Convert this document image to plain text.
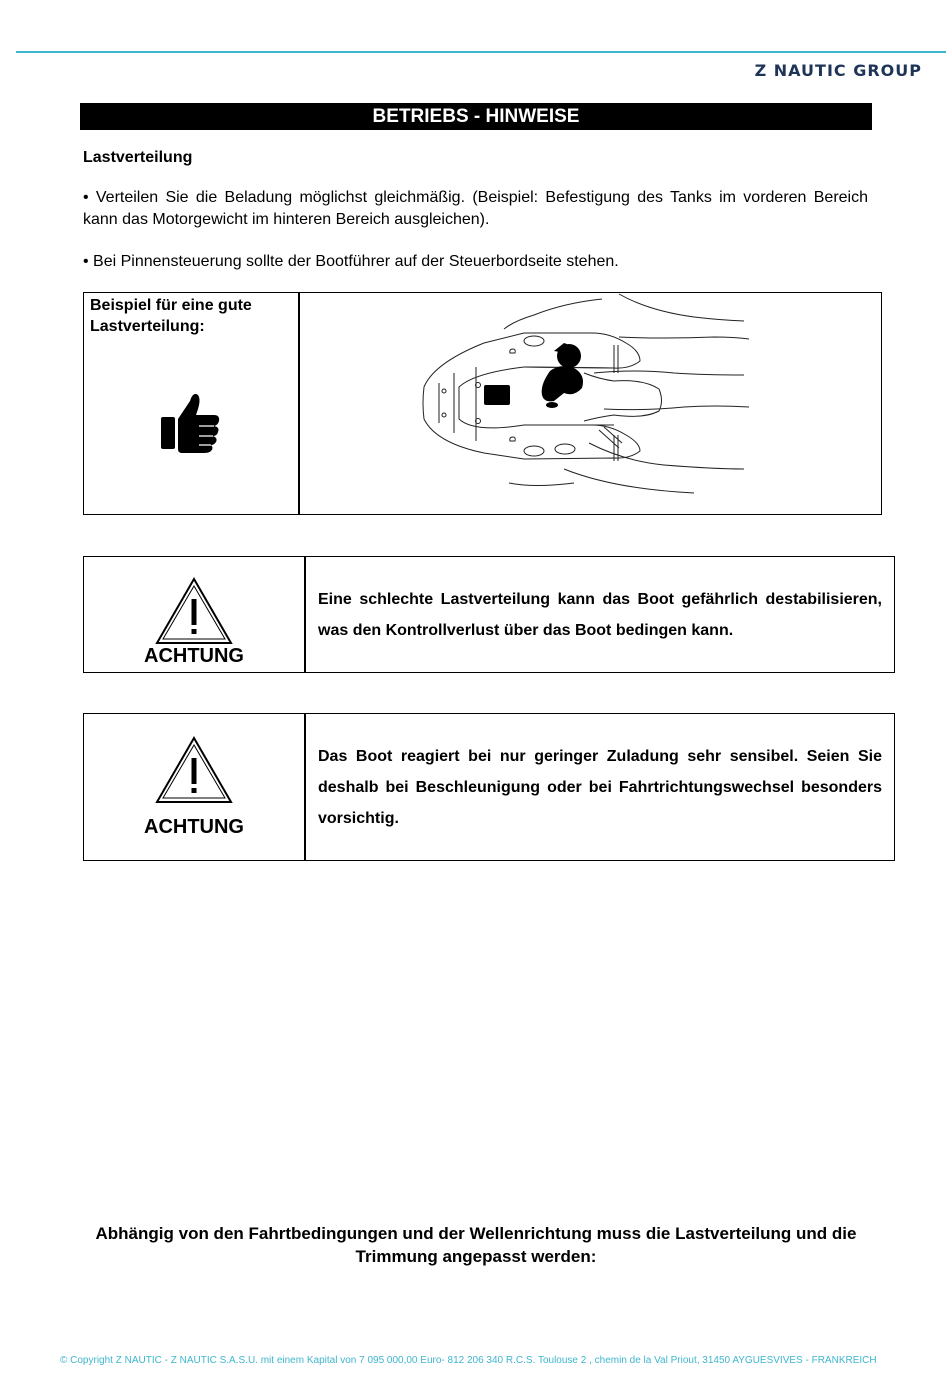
Z NAUTIC GROUP
BETRIEBS - HINWEISE
Lastverteilung
• Verteilen Sie die Beladung möglichst gleichmäßig. (Beispiel: Befestigung des Tanks im vorderen Bereich kann das Motorgewicht im hinteren Bereich ausgleichen).
• Bei Pinnensteuerung sollte der Bootführer auf der Steuerbordseite stehen.
Beispiel für eine gute Lastverteilung:
ACHTUNG
Eine schlechte Lastverteilung kann das Boot gefährlich destabilisieren, was den Kontrollverlust über das Boot bedingen kann.
ACHTUNG
Das Boot reagiert bei nur geringer Zuladung sehr sensibel. Seien Sie deshalb bei Beschleunigung oder bei Fahrtrichtungswechsel besonders vorsichtig.
Abhängig von den Fahrtbedingungen und der Wellenrichtung muss die Lastverteilung und die Trimmung angepasst werden:
© Copyright Z NAUTIC - Z NAUTIC S.A.S.U. mit einem Kapital von 7 095 000,00 Euro- 812 206 340 R.C.S. Toulouse 2 , chemin de la Val Priout, 31450 AYGUESVIVES - FRANKREICH
